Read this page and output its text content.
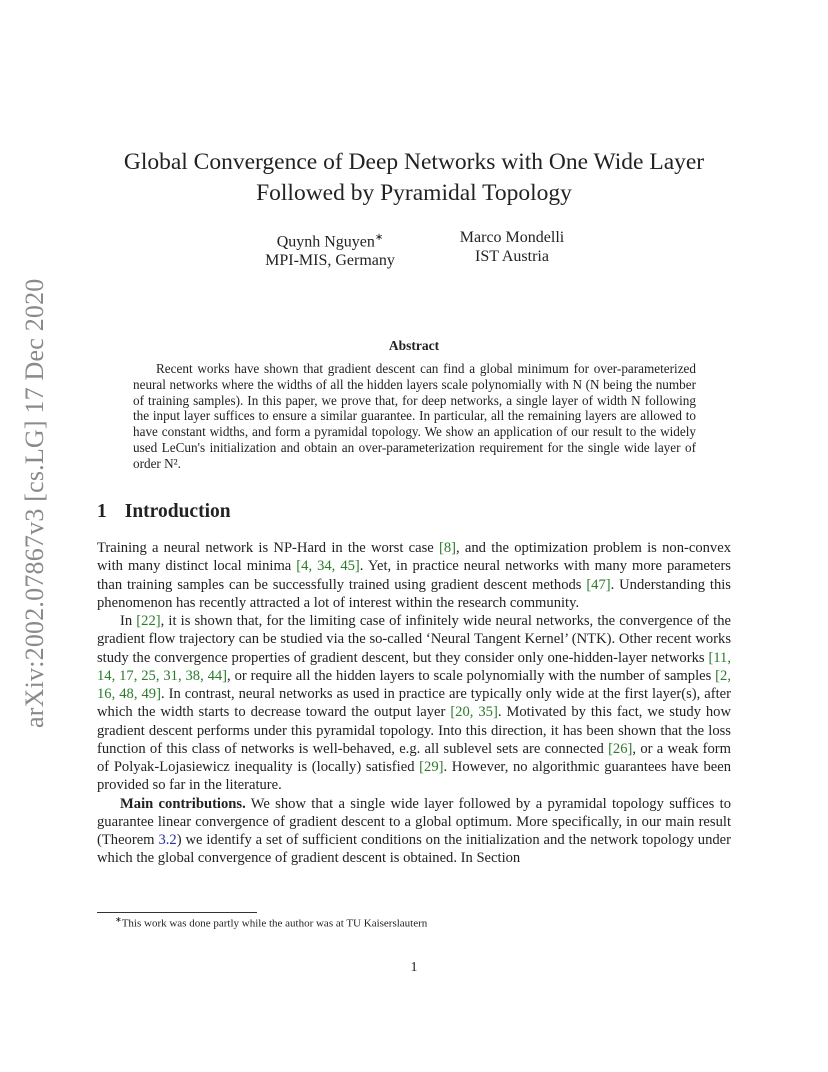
arXiv:2002.07867v3 [cs.LG] 17 Dec 2020
Global Convergence of Deep Networks with One Wide Layer
Followed by Pyramidal Topology
Quynh Nguyen∗
MPI-MIS, Germany
Marco Mondelli
IST Austria
Abstract
Recent works have shown that gradient descent can find a global minimum for over-parameterized neural networks where the widths of all the hidden layers scale polynomially with N (N being the number of training samples). In this paper, we prove that, for deep networks, a single layer of width N following the input layer suffices to ensure a similar guarantee. In particular, all the remaining layers are allowed to have constant widths, and form a pyramidal topology. We show an application of our result to the widely used LeCun's initialization and obtain an over-parameterization requirement for the single wide layer of order N².
1 Introduction

Training a neural network is NP-Hard in the worst case [8], and the optimization problem is non-convex with many distinct local minima [4, 34, 45]. Yet, in practice neural networks with many more parameters than training samples can be successfully trained using gradient descent methods [47]. Understanding this phenomenon has recently attracted a lot of interest within the research community.

In [22], it is shown that, for the limiting case of infinitely wide neural networks, the convergence of the gradient flow trajectory can be studied via the so-called ‘Neural Tangent Kernel’ (NTK). Other recent works study the convergence properties of gradient descent, but they consider only one-hidden-layer networks [11, 14, 17, 25, 31, 38, 44], or require all the hidden layers to scale polynomially with the number of samples [2, 16, 48, 49]. In contrast, neural networks as used in practice are typically only wide at the first layer(s), after which the width starts to decrease toward the output layer [20, 35]. Motivated by this fact, we study how gradient descent performs under this pyramidal topology. Into this direction, it has been shown that the loss function of this class of networks is well-behaved, e.g. all sublevel sets are connected [26], or a weak form of Polyak-Lojasiewicz inequality is (locally) satisfied [29]. However, no algorithmic guarantees have been provided so far in the literature.

Main contributions. We show that a single wide layer followed by a pyramidal topology suffices to guarantee linear convergence of gradient descent to a global optimum. More specifically, in our main result (Theorem 3.2) we identify a set of sufficient conditions on the initialization and the network topology under which the global convergence of gradient descent is obtained. In Section

∗This work was done partly while the author was at TU Kaiserslautern
1
